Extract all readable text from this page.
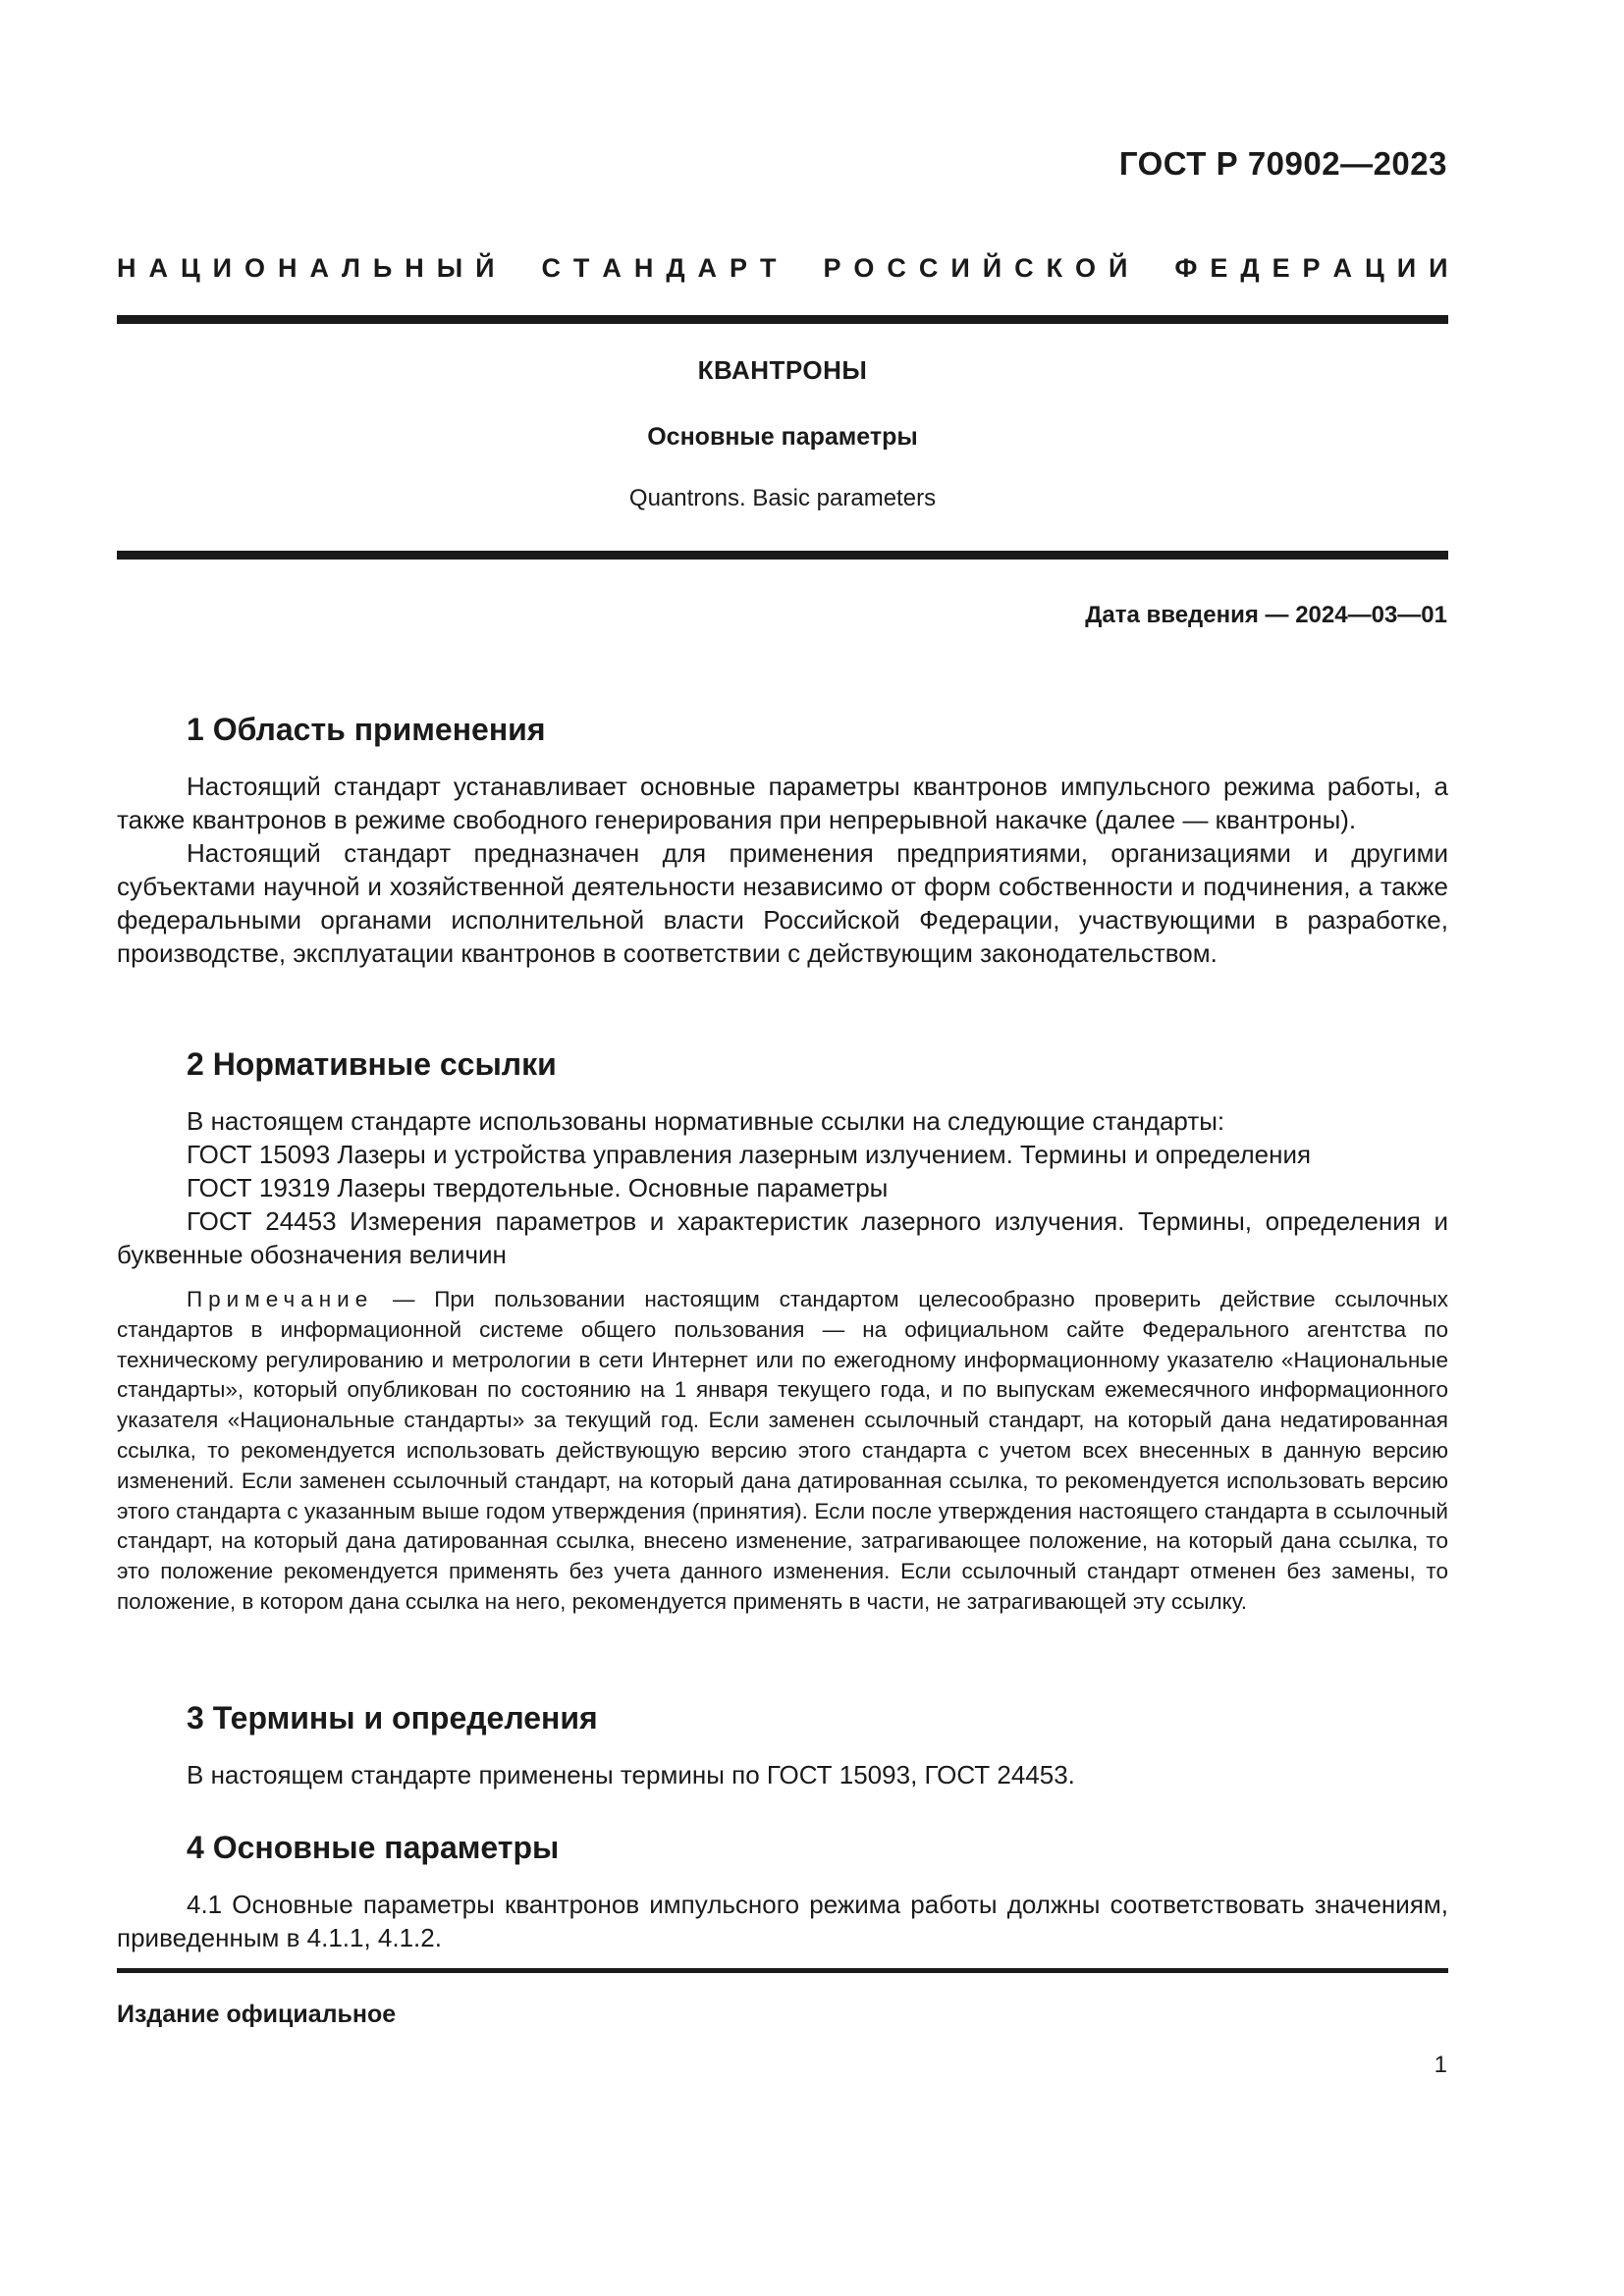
ГОСТ Р 70902—2023
Н А Ц И О Н А Л Ь Н Ы Й С Т А Н Д А Р Т Р О С С И Й С К О Й Ф Е Д Е Р А Ц И И
КВАНТРОНЫ
Основные параметры
Quantrons. Basic parameters
Дата введения — 2024—03—01
1 Область применения

Настоящий стандарт устанавливает основные параметры квантронов импульсного режима работы, а также квантронов в режиме свободного генерирования при непрерывной накачке (далее — квантроны).

Настоящий стандарт предназначен для применения предприятиями, организациями и другими субъектами научной и хозяйственной деятельности независимо от форм собственности и подчинения, а также федеральными органами исполнительной власти Российской Федерации, участвующими в разработке, производстве, эксплуатации квантронов в соответствии с действующим законодательством.

2 Нормативные ссылки

В настоящем стандарте использованы нормативные ссылки на следующие стандарты:

ГОСТ 15093 Лазеры и устройства управления лазерным излучением. Термины и определения

ГОСТ 19319 Лазеры твердотельные. Основные параметры

ГОСТ 24453 Измерения параметров и характеристик лазерного излучения. Термины, определения и буквенные обозначения величин

Примечание — При пользовании настоящим стандартом целесообразно проверить действие ссылочных стандартов в информационной системе общего пользования — на официальном сайте Федерального агентства по техническому регулированию и метрологии в сети Интернет или по ежегодному информационному указателю «Национальные стандарты», который опубликован по состоянию на 1 января текущего года, и по выпускам ежемесячного информационного указателя «Национальные стандарты» за текущий год. Если заменен ссылочный стандарт, на который дана недатированная ссылка, то рекомендуется использовать действующую версию этого стандарта с учетом всех внесенных в данную версию изменений. Если заменен ссылочный стандарт, на который дана датированная ссылка, то рекомендуется использовать версию этого стандарта с указанным выше годом утверждения (принятия). Если после утверждения настоящего стандарта в ссылочный стандарт, на который дана датированная ссылка, внесено изменение, затрагивающее положение, на который дана ссылка, то это положение рекомендуется применять без учета данного изменения. Если ссылочный стандарт отменен без замены, то положение, в котором дана ссылка на него, рекомендуется применять в части, не затрагивающей эту ссылку.

3 Термины и определения

В настоящем стандарте применены термины по ГОСТ 15093, ГОСТ 24453.

4 Основные параметры

4.1 Основные параметры квантронов импульсного режима работы должны соответствовать значениям, приведенным в 4.1.1, 4.1.2.

Издание официальное
1
